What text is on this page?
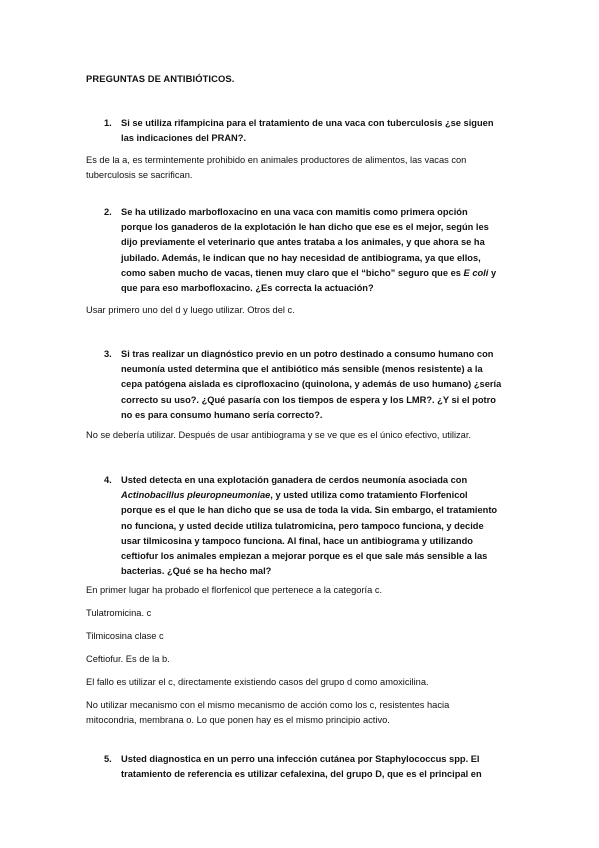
PREGUNTAS DE ANTIBIÓTICOS.
1. Si se utiliza rifampicina para el tratamiento de una vaca con tuberculosis ¿se siguen
las indicaciones del PRAN?.
Es de la a, es termintemente prohibido en animales productores de alimentos, las vacas con
tuberculosis se sacrifican.
2. Se ha utilizado marbofloxacino en una vaca con mamitis como primera opción
porque los ganaderos de la explotación le han dicho que ese es el mejor, según les
dijo previamente el veterinario que antes trataba a los animales, y que ahora se ha
jubilado. Además, le indican que no hay necesidad de antibiograma, ya que ellos,
como saben mucho de vacas, tienen muy claro que el “bicho” seguro que es E coli y
que para eso marbofloxacino. ¿Es correcta la actuación?
Usar primero uno del d y luego utilizar. Otros del c.
3. Si tras realizar un diagnóstico previo en un potro destinado a consumo humano con
neumonía usted determina que el antibiótico más sensible (menos resistente) a la
cepa patógena aislada es ciprofloxacino (quinolona, y además de uso humano) ¿sería
correcto su uso?. ¿Qué pasaría con los tiempos de espera y los LMR?. ¿Y si el potro
no es para consumo humano sería correcto?.
No se debería utilizar. Después de usar antibiograma y se ve que es el único efectivo, utilizar.
4. Usted detecta en una explotación ganadera de cerdos neumonía asociada con
Actinobacillus pleuropneumoniae, y usted utiliza como tratamiento Florfenicol
porque es el que le han dicho que se usa de toda la vida. Sin embargo, el tratamiento
no funciona, y usted decide utiliza tulatromicina, pero tampoco funciona, y decide
usar tilmicosina y tampoco funciona. Al final, hace un antibiograma y utilizando
ceftiofur los animales empiezan a mejorar porque es el que sale más sensible a las
bacterias. ¿Qué se ha hecho mal?
En primer lugar ha probado el florfenicol que pertenece a la categoría c.
Tulatromicina. c
Tilmicosina clase c
Ceftiofur. Es de la b.
El fallo es utilizar el c, directamente existiendo casos del grupo d como amoxicilina.
No utilizar mecanismo con el mismo mecanismo de acción como los c, resistentes hacia
mitocondria, membrana o. Lo que ponen hay es el mismo principio activo.
5. Usted diagnostica en un perro una infección cutánea por Staphylococcus spp. El
tratamiento de referencia es utilizar cefalexina, del grupo D, que es el principal en
